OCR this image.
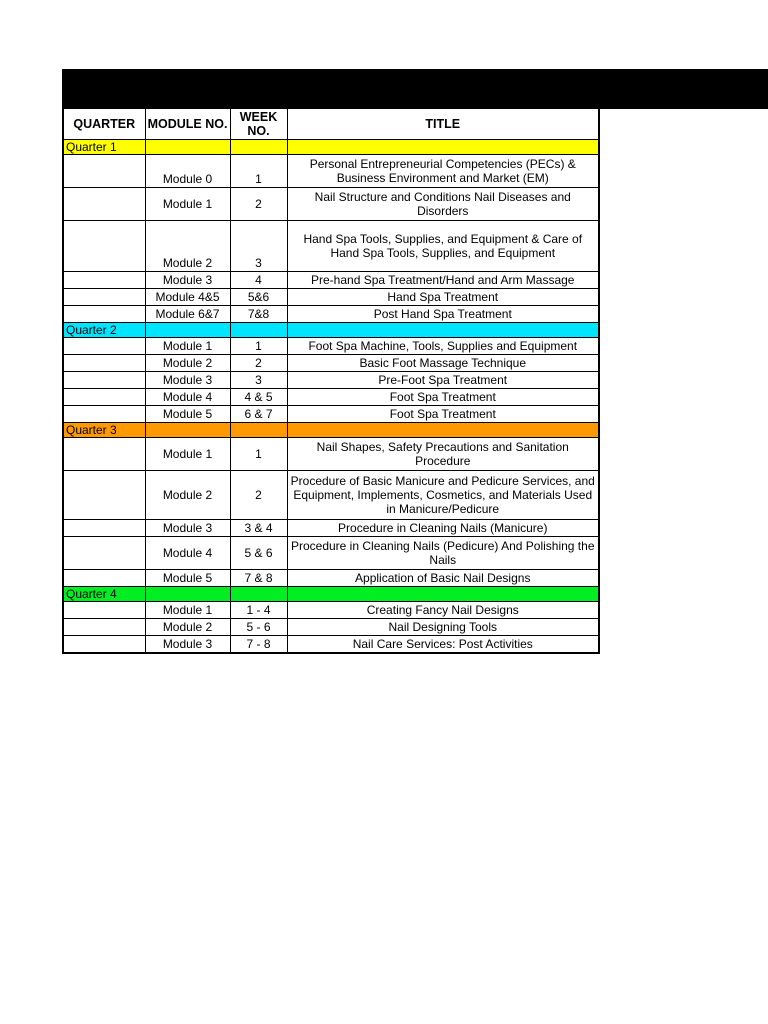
QUARTER	MODULE NO.	WEEK NO.	TITLE
Quarter 1			
	Module 0	1	Personal Entrepreneurial Competencies (PECs) & Business Environment and Market (EM)
	Module 1	2	Nail Structure and Conditions Nail Diseases and Disorders
	Module 2	3	Hand Spa Tools, Supplies, and Equipment & Care of Hand Spa Tools, Supplies, and Equipment
	Module 3	4	Pre-hand Spa Treatment/Hand and Arm Massage
	Module 4&5	5&6	Hand Spa Treatment
	Module 6&7	7&8	Post Hand Spa Treatment
Quarter 2			
	Module 1	1	Foot Spa Machine, Tools, Supplies and Equipment
	Module 2	2	Basic Foot Massage Technique
	Module 3	3	Pre-Foot Spa Treatment
	Module 4	4 & 5	Foot Spa Treatment
	Module 5	6 & 7	Foot Spa Treatment
Quarter 3			
	Module 1	1	Nail Shapes, Safety Precautions and Sanitation Procedure
	Module 2	2	Procedure of Basic Manicure and Pedicure Services, and Equipment, Implements, Cosmetics, and Materials Used in Manicure/Pedicure
	Module 3	3 & 4	Procedure in Cleaning Nails (Manicure)
	Module 4	5 & 6	Procedure in Cleaning Nails (Pedicure) And Polishing the Nails
	Module 5	7 & 8	Application of Basic Nail Designs
Quarter 4			
	Module 1	1 - 4	Creating Fancy Nail Designs
	Module 2	5 - 6	Nail Designing Tools
	Module 3	7 - 8	Nail Care Services: Post Activities
